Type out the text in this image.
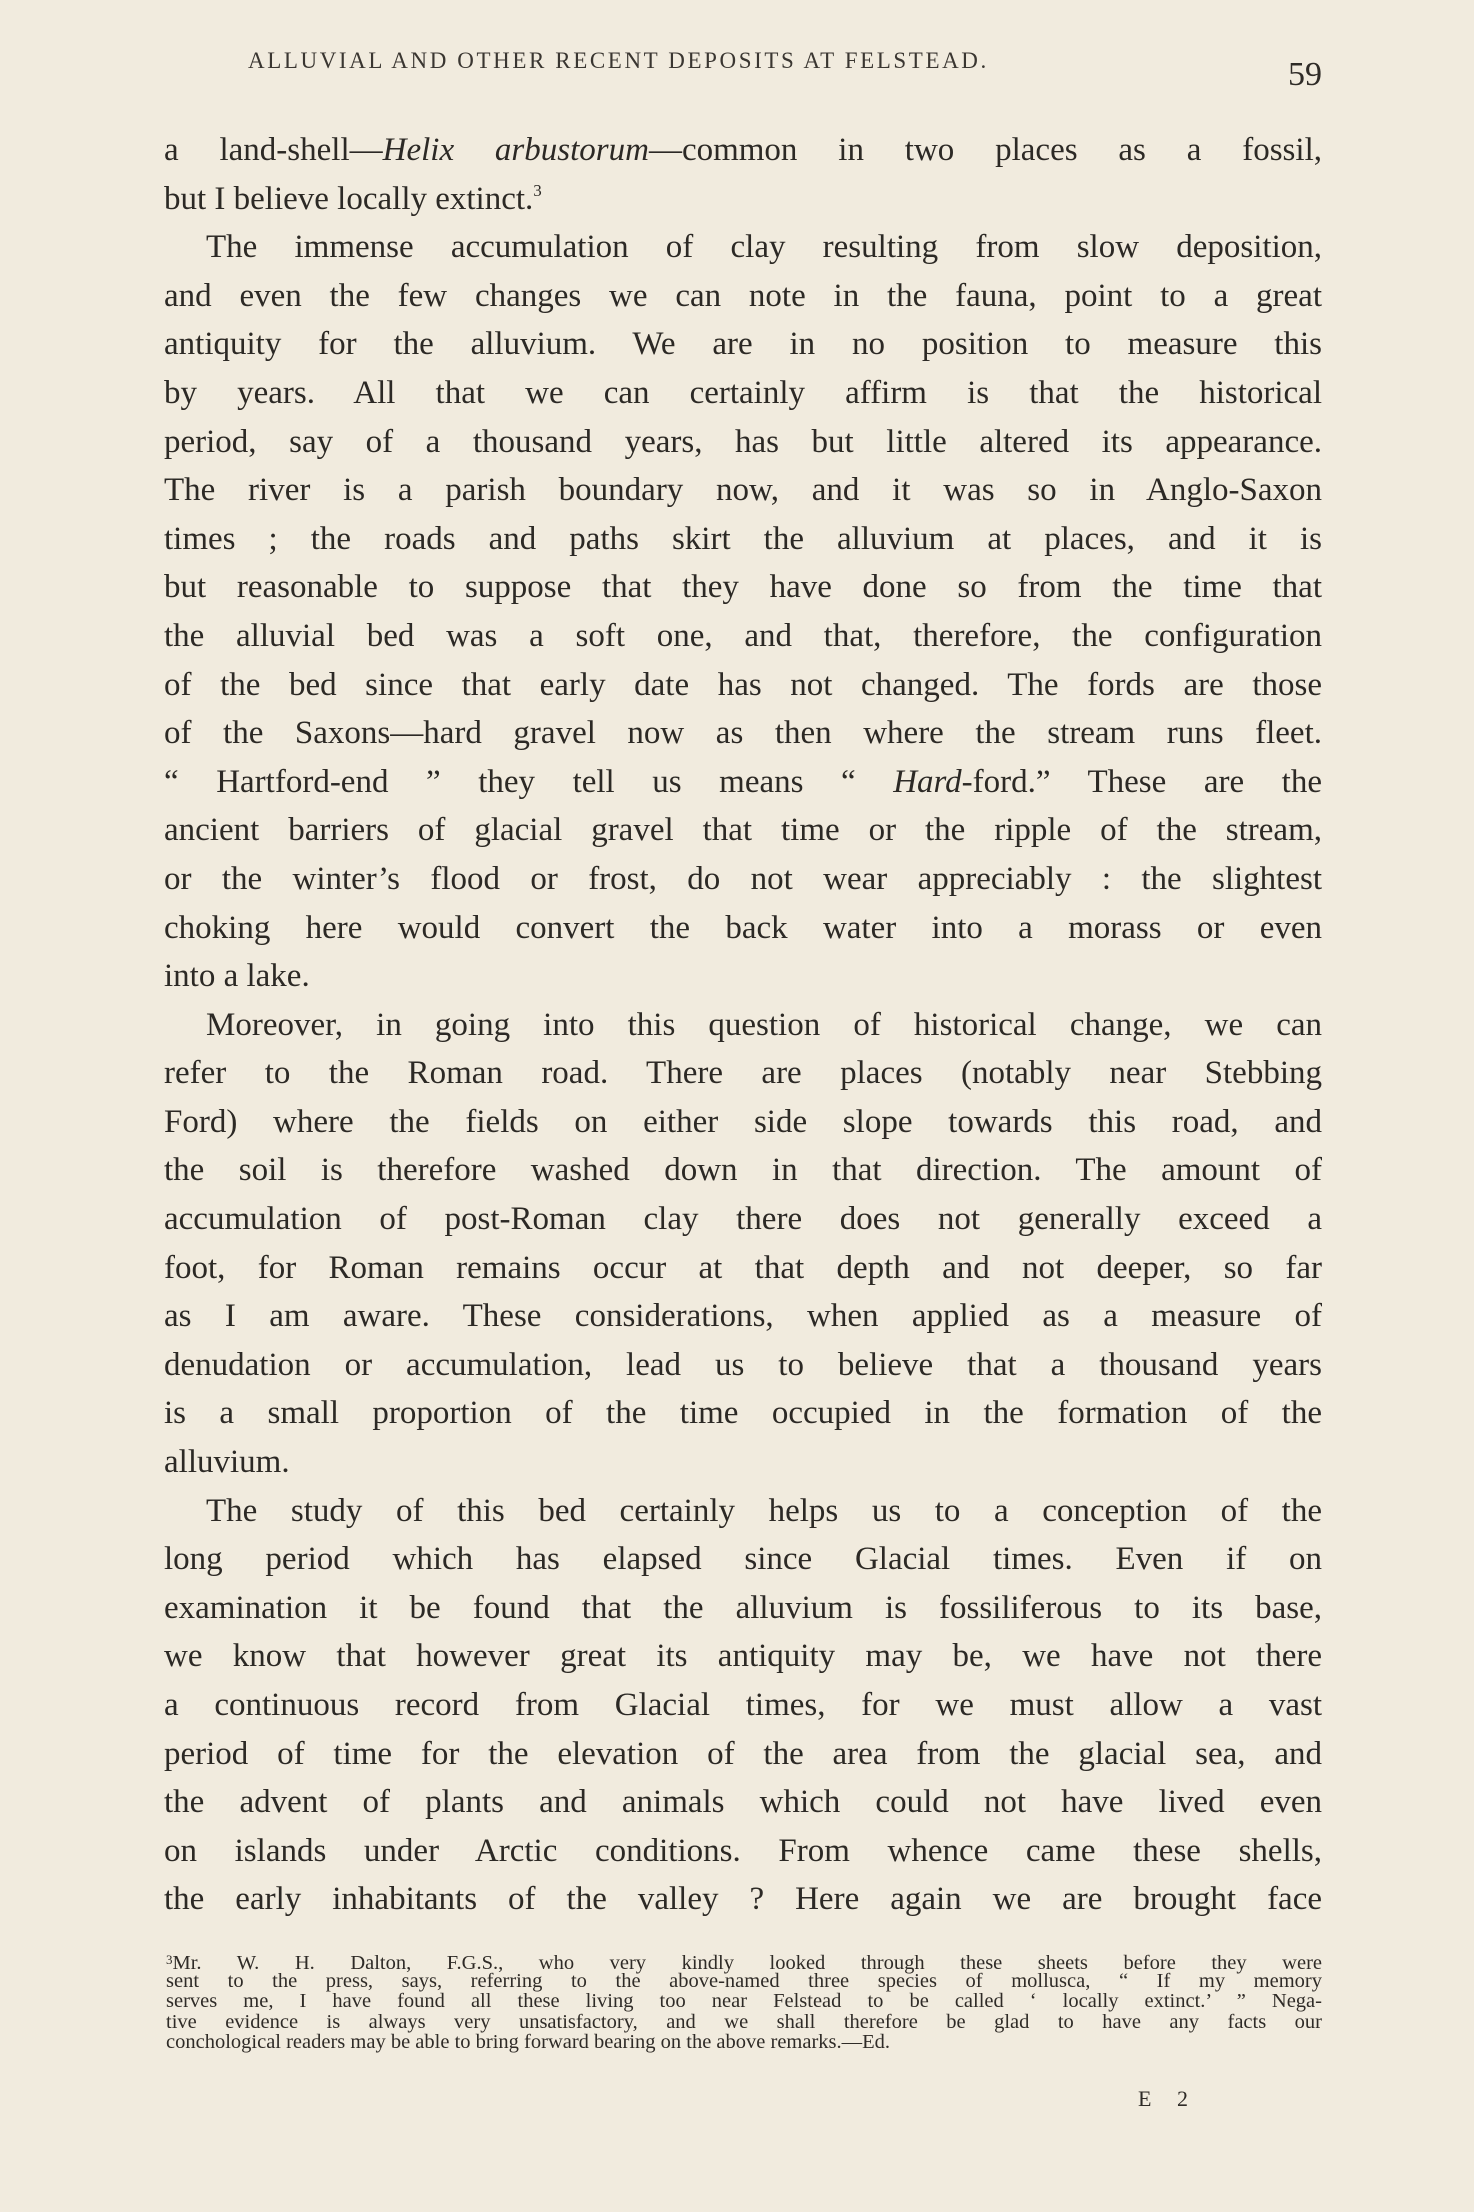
ALLUVIAL AND OTHER RECENT DEPOSITS AT FELSTEAD.	59
a land-shell—Helix arbustorum—common in two places as a fossil,
but I believe locally extinct.$^3$
The immense accumulation of clay resulting from slow deposition,
and even the few changes we can note in the fauna, point to a great
antiquity for the alluvium. We are in no position to measure this
by years. All that we can certainly affirm is that the historical
period, say of a thousand years, has but little altered its appearance.
The river is a parish boundary now, and it was so in Anglo-Saxon
times ; the roads and paths skirt the alluvium at places, and it is
but reasonable to suppose that they have done so from the time that
the alluvial bed was a soft one, and that, therefore, the configuration
of the bed since that early date has not changed. The fords are those
of the Saxons—hard gravel now as then where the stream runs fleet.
“ Hartford-end ” they tell us means “ Hard-ford.” These are the
ancient barriers of glacial gravel that time or the ripple of the stream,
or the winter’s flood or frost, do not wear appreciably : the slightest
choking here would convert the back water into a morass or even
into a lake.
Moreover, in going into this question of historical change, we can
refer to the Roman road. There are places (notably near Stebbing
Ford) where the fields on either side slope towards this road, and
the soil is therefore washed down in that direction. The amount of
accumulation of post-Roman clay there does not generally exceed a
foot, for Roman remains occur at that depth and not deeper, so far
as I am aware. These considerations, when applied as a measure of
denudation or accumulation, lead us to believe that a thousand years
is a small proportion of the time occupied in the formation of the
alluvium.
The study of this bed certainly helps us to a conception of the
long period which has elapsed since Glacial times. Even if on
examination it be found that the alluvium is fossiliferous to its base,
we know that however great its antiquity may be, we have not there
a continuous record from Glacial times, for we must allow a vast
period of time for the elevation of the area from the glacial sea, and
the advent of plants and animals which could not have lived even
on islands under Arctic conditions. From whence came these shells,
the early inhabitants of the valley ? Here again we are brought face
$^3$Mr. W. H. Dalton, F.G.S., who very kindly looked through these sheets before they were
sent to the press, says, referring to the above-named three species of mollusca, “ If my memory
serves me, I have found all these living too near Felstead to be called ‘ locally extinct.’ ” Nega-
tive evidence is always very unsatisfactory, and we shall therefore be glad to have any facts our
conchological readers may be able to bring forward bearing on the above remarks.—Ed.
E 2
